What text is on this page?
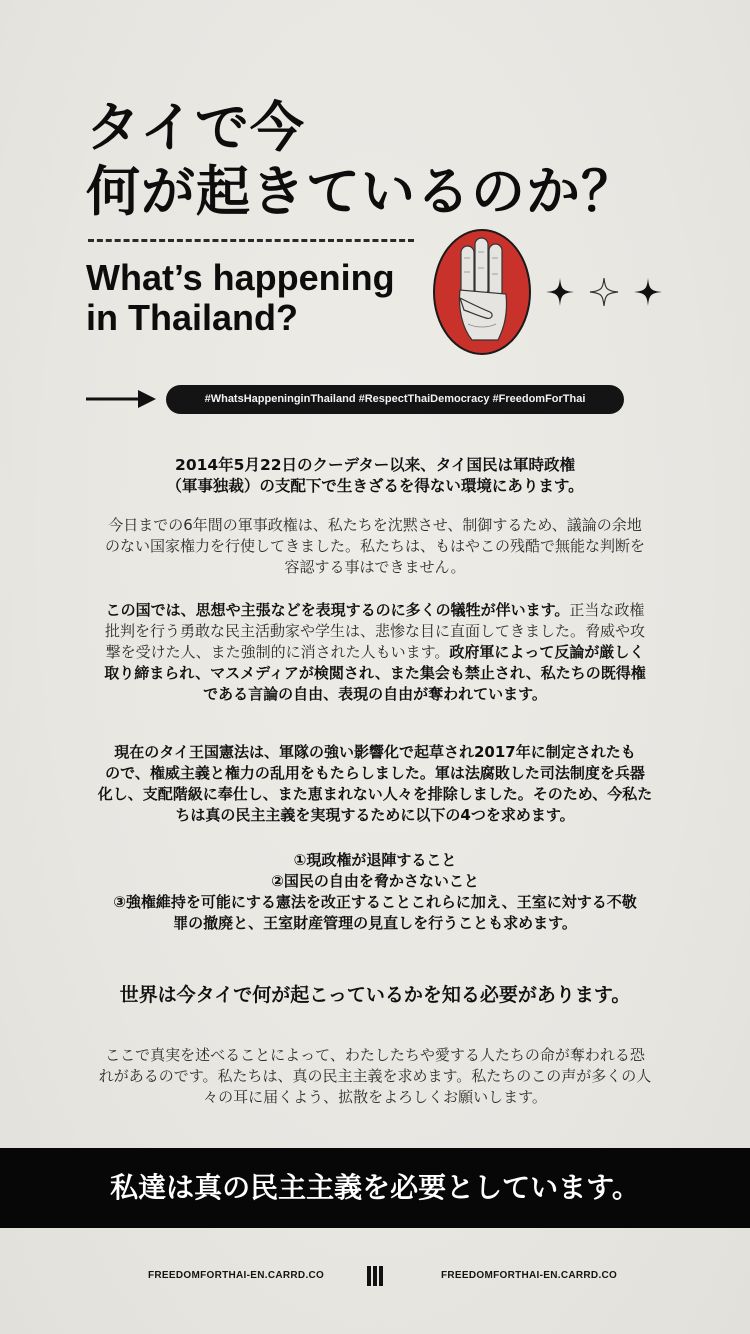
タイで今
何が起きているのか？
What’s happening
in Thailand?
#WhatsHappeninginThailand #RespectThaiDemocracy #FreedomForThai
2014年5月22日のクーデター以来、タイ国民は軍時政権
（軍事独裁）の支配下で生きざるを得ない環境にあります。
今日までの6年間の軍事政権は、私たちを沈黙させ、制御するため、議論の余地
のない国家権力を行使してきました。私たちは、もはやこの残酷で無能な判断を
容認する事はできません。
この国では、思想や主張などを表現するのに多くの犠牲が伴います。正当な政権
批判を行う勇敢な民主活動家や学生は、悲惨な目に直面してきました。脅威や攻
撃を受けた人、また強制的に消された人もいます。政府軍によって反論が厳しく
取り締まられ、マスメディアが検閲され、また集会も禁止され、私たちの既得権
である言論の自由、表現の自由が奪われています。
現在のタイ王国憲法は、軍隊の強い影響化で起草され2017年に制定されたも
ので、権威主義と権力の乱用をもたらしました。軍は法腐敗した司法制度を兵器
化し、支配階級に奉仕し、また恵まれない人々を排除しました。そのため、今私た
ちは真の民主主義を実現するために以下の4つを求めます。
①現政権が退陣すること
②国民の自由を脅かさないこと
③強権維持を可能にする憲法を改正することこれらに加え、王室に対する不敬
罪の撤廃と、王室財産管理の見直しを行うことも求めます。
世界は今タイで何が起こっているかを知る必要があります。
ここで真実を述べることによって、わたしたちや愛する人たちの命が奪われる恐
れがあるのです。私たちは、真の民主主義を求めます。私たちのこの声が多くの人
々の耳に届くよう、拡散をよろしくお願いします。
私達は真の民主主義を必要としています。
FREEDOMFORTHAI-EN.CARRD.CO	FREEDOMFORTHAI-EN.CARRD.CO
